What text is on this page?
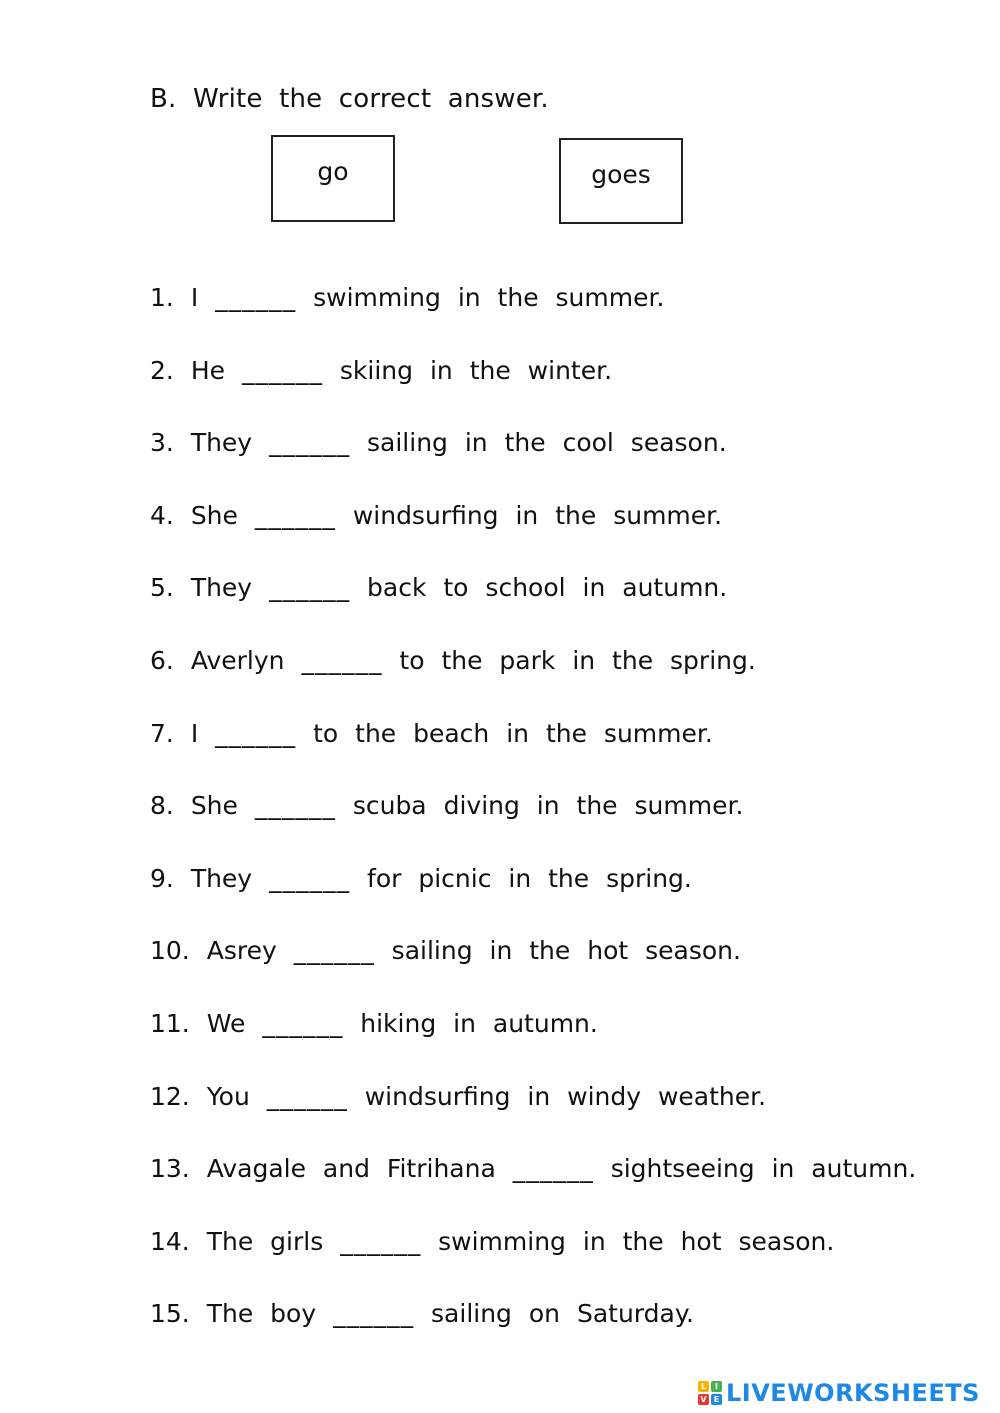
B. Write the correct answer.
go	goes
1. I ______ swimming in the summer.
2. He ______ skiing in the winter.
3. They ______ sailing in the cool season.
4. She ______ windsurfing in the summer.
5. They ______ back to school in autumn.
6. Averlyn ______ to the park in the spring.
7. I ______ to the beach in the summer.
8. She ______ scuba diving in the summer.
9. They ______ for picnic in the spring.
10. Asrey ______ sailing in the hot season.
11. We ______ hiking in autumn.
12. You ______ windsurfing in windy weather.
13. Avagale and Fitrihana ______ sightseeing in autumn.
14. The girls ______ swimming in the hot season.
15. The boy ______ sailing on Saturday.
L	I
V E LIVEWORKSHEETS
